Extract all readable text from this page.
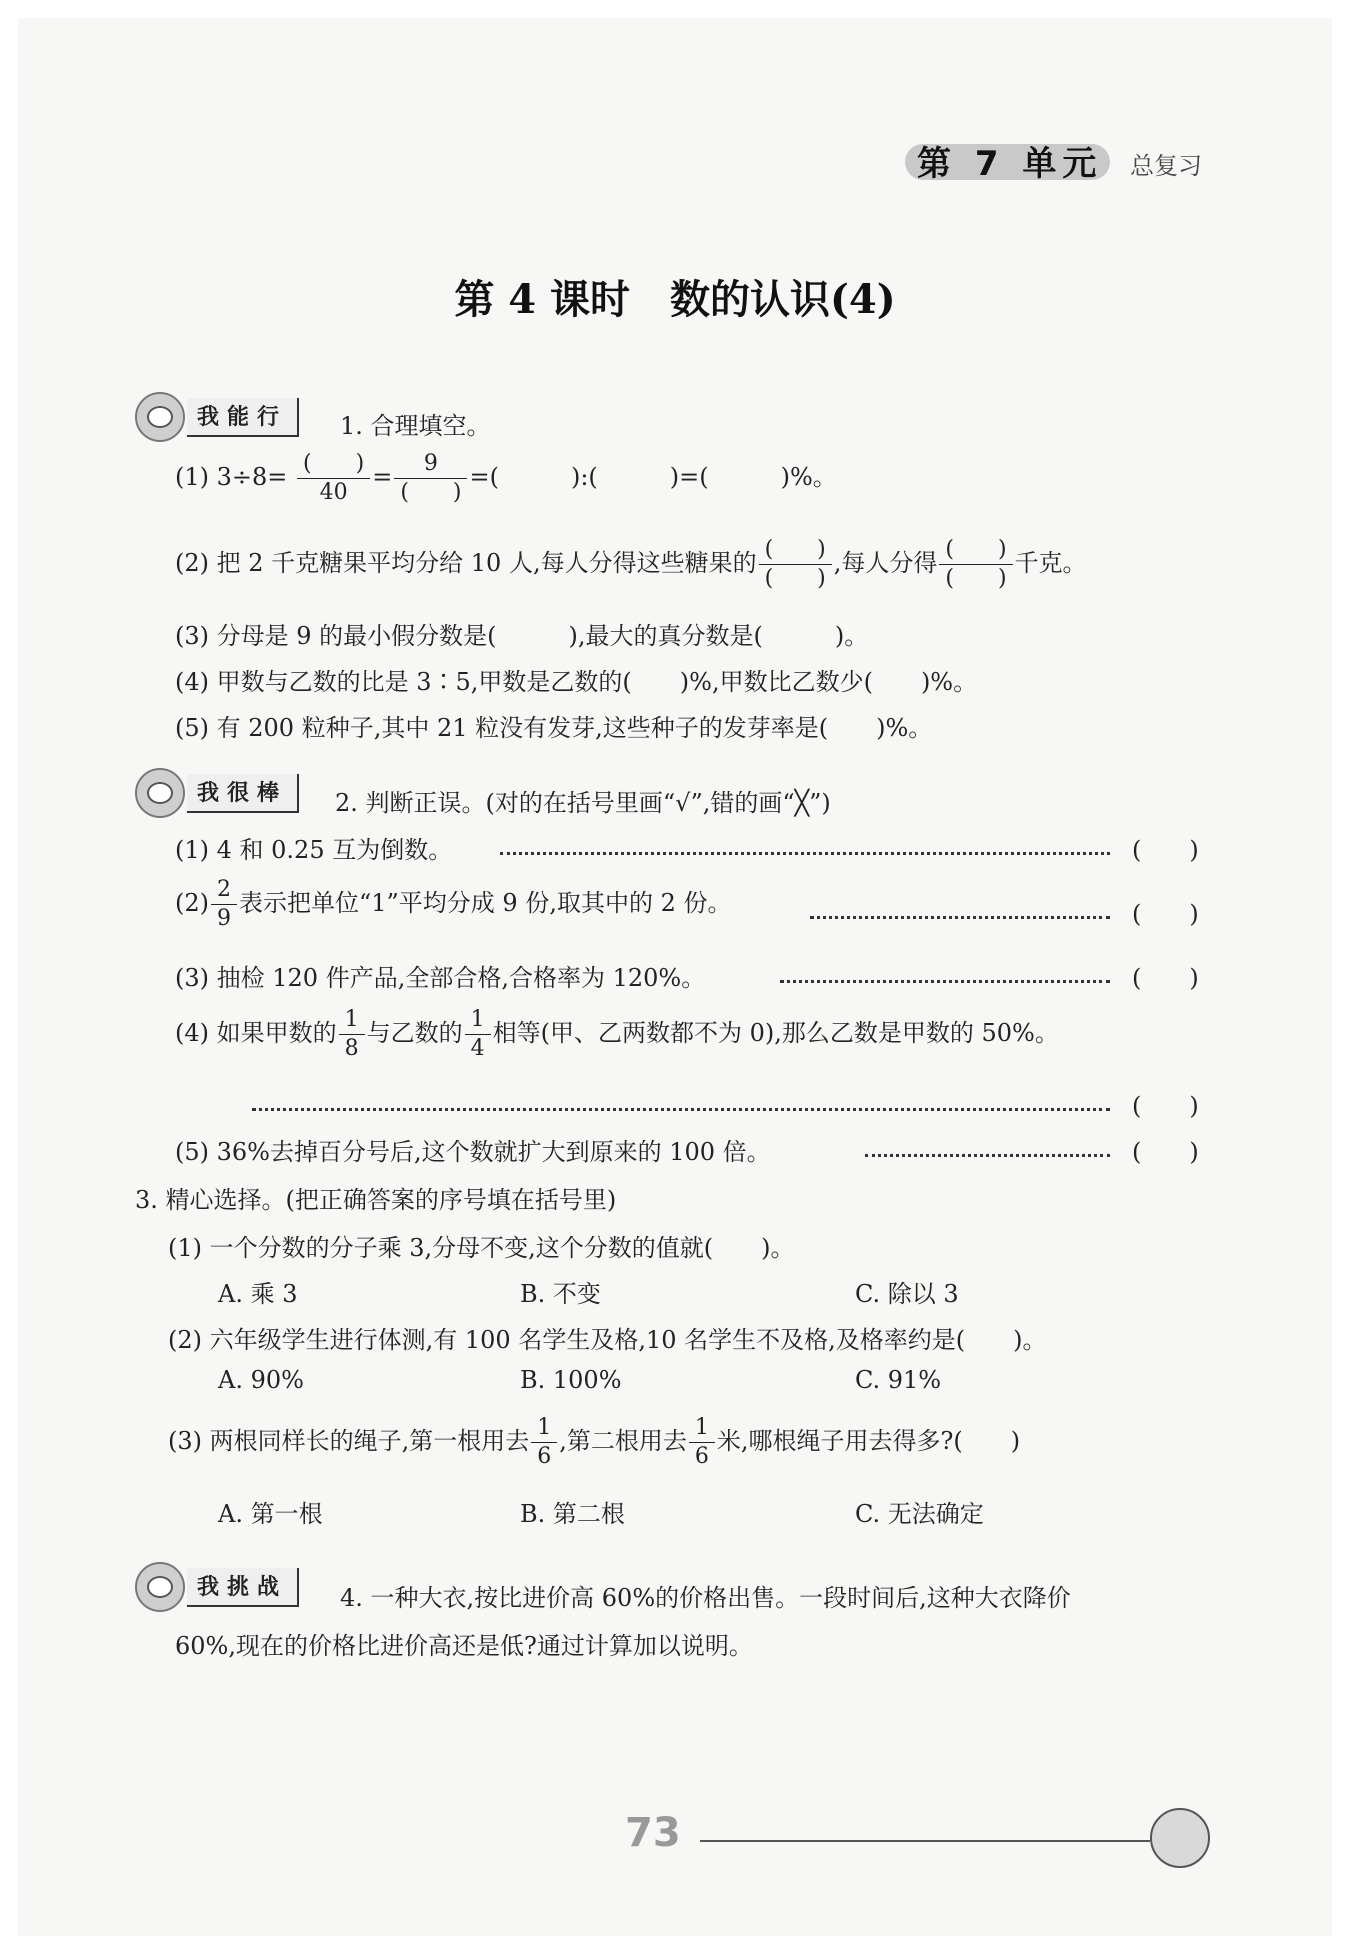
第 7 单元 总复习
第 4 课时　数的认识(4)
我能行	1. 合理填空。
(1) $3\div 8= \frac{( )}{40} = \frac{9}{( )}$ =(　　　):(　　　)=(　　　)%。
(2) 把 2 千克糖果平均分给 10 人,每人分得这些糖果的 $\frac{( )}{( )}$ ,每人分得 $\frac{( )}{( )}$ 千克。
(3) 分母是 9 的最小假分数是(　　　),最大的真分数是(　　　)。
(4) 甲数与乙数的比是 3∶5,甲数是乙数的(　　)%,甲数比乙数少(　　)%。
(5) 有 200 粒种子,其中 21 粒没有发芽,这些种子的发芽率是(　　)%。
我很棒	2. 判断正误。(对的在括号里画“√”,错的画“╳”)
(1) 4 和 0.25 互为倒数。	(　　)
$(2) \frac{2}{9}$ 表示把单位“1”平均分成 9 份,取其中的 2 份。	(　　)
(3) 抽检 120 件产品,全部合格,合格率为 120%。	(　　)
(4) 如果甲数的 $\frac{1}{8}$ 与乙数的 $\frac{1}{4}$ 相等(甲、乙两数都不为 0),那么乙数是甲数的 50%。
(　　)
(5) 36%去掉百分号后,这个数就扩大到原来的 100 倍。	(　　)
3. 精心选择。(把正确答案的序号填在括号里)
(1) 一个分数的分子乘 3,分母不变,这个分数的值就(　　)。
A. 乘 3	B. 不变	C. 除以 3
(2) 六年级学生进行体测,有 100 名学生及格,10 名学生不及格,及格率约是(　　)。
A. 90%	B. 100%	C. 91%
(3) 两根同样长的绳子,第一根用去 $\frac{1}{6}$ ,第二根用去 $\frac{1}{6}$ 米,哪根绳子用去得多?(　　)
A. 第一根	B. 第二根	C. 无法确定
我挑战	4. 一种大衣,按比进价高 60%的价格出售。一段时间后,这种大衣降价
60%,现在的价格比进价高还是低?通过计算加以说明。
73
